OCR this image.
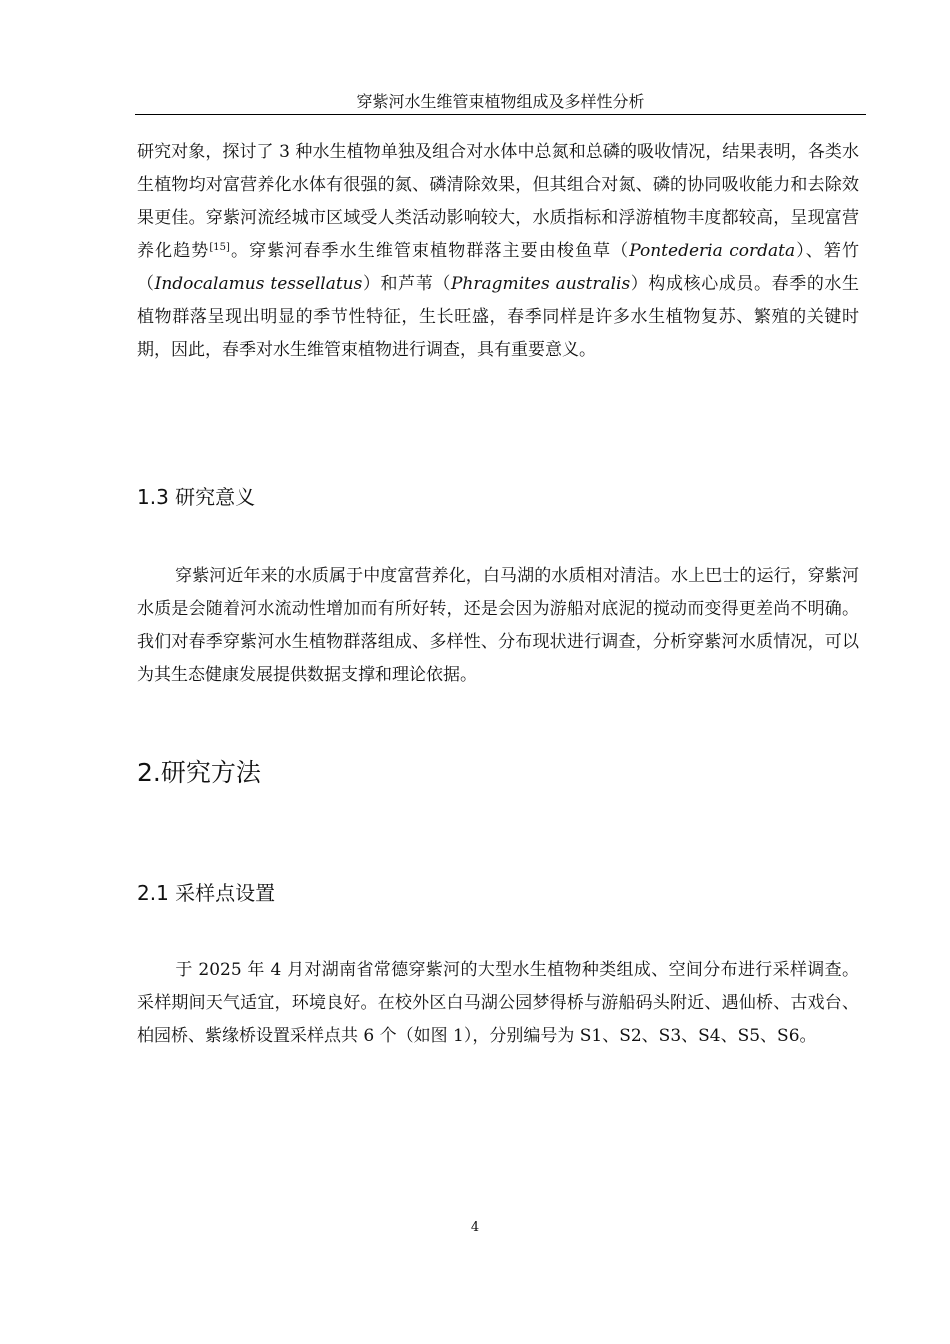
穿紫河水生维管束植物组成及多样性分析

研究对象，探讨了 3 种水生植物单独及组合对水体中总氮和总磷的吸收情况，结果表明，各类水生植物均对富营养化水体有很强的氮、磷清除效果，但其组合对氮、磷的协同吸收能力和去除效果更佳。穿紫河流经城市区域受人类活动影响较大，水质指标和浮游植物丰度都较高，呈现富营养化趋势[15]。穿紫河春季水生维管束植物群落主要由梭鱼草（Pontederia cordata）、箬竹（Indocalamus tessellatus）和芦苇（Phragmites australis）构成核心成员。春季的水生植物群落呈现出明显的季节性特征，生长旺盛，春季同样是许多水生植物复苏、繁殖的关键时期，因此，春季对水生维管束植物进行调查，具有重要意义。

1.3 研究意义

穿紫河近年来的水质属于中度富营养化，白马湖的水质相对清洁。水上巴士的运行，穿紫河水质是会随着河水流动性增加而有所好转，还是会因为游船对底泥的搅动而变得更差尚不明确。我们对春季穿紫河水生植物群落组成、多样性、分布现状进行调查，分析穿紫河水质情况，可以为其生态健康发展提供数据支撑和理论依据。

2.研究方法
2.1 采样点设置

于 2025 年 4 月对湖南省常德穿紫河的大型水生植物种类组成、空间分布进行采样调查。采样期间天气适宜，环境良好。在校外区白马湖公园梦得桥与游船码头附近、遇仙桥、古戏台、柏园桥、紫缘桥设置采样点共 6 个（如图 1），分别编号为 S1、S2、S3、S4、S5、S6。

4
